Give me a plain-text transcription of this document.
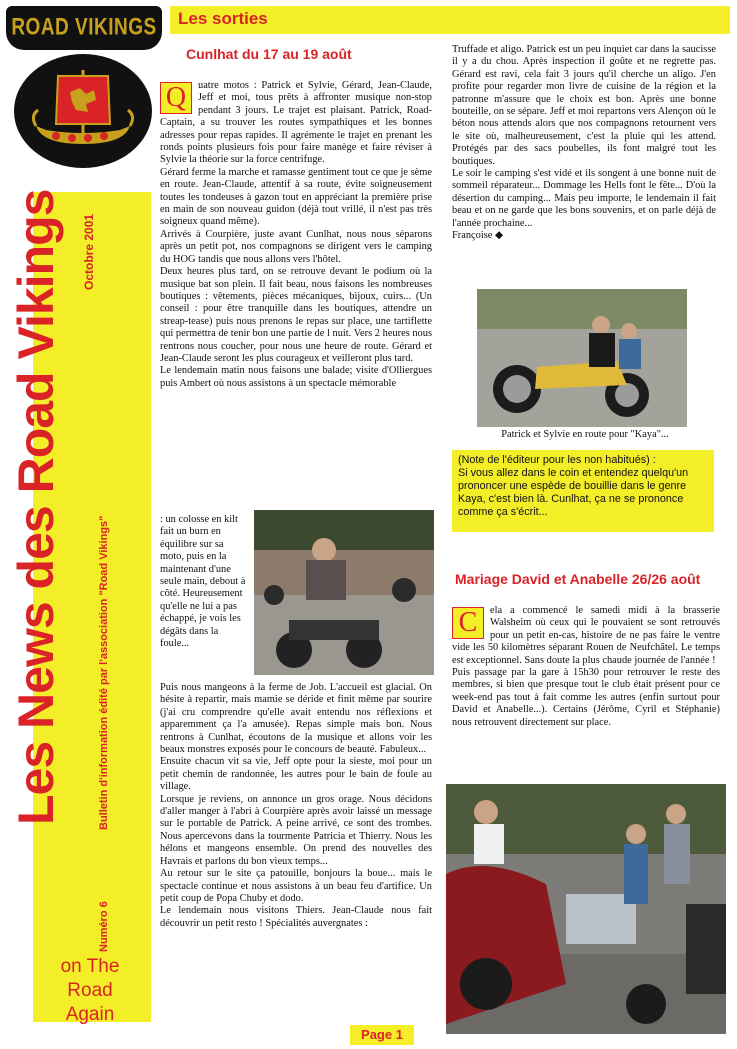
ROAD VIKINGS
Les News des Road Vikings Octobre 2001
Bulletin d'information édité par l'association "Road Vikings"
Numéro 6
on The Road
Again
Les sorties
Cunlhat du 17 au 19 août
Q	uatre motos : Patrick et Sylvie, Gérard, Jean-Claude, Jeff et moi, tous prêts à affronter musique non-stop pendant 3 jours. Le trajet est plaisant. Patrick, Road-Captain, a su trouver les routes sympathiques et les bonnes adresses pour repas rapides. Il agrémente le trajet en prenant les ronds points plusieurs fois pour faire manège et faire réviser à Sylvie la théorie sur la force centrifuge.

Gérard ferme la marche et ramasse gentiment tout ce que je sème en route. Jean-Claude, attentif à sa route, évite soigneusement toutes les tondeuses à gazon tout en appréciant la première prise en main de son nouveau guidon (déjà tout vrillé, il n'est pas très soigneux quand même).

Arrivés à Courpière, juste avant Cunlhat, nous nous séparons après un petit pot, nos compagnons se dirigent vers le camping du HOG tandis que nous allons vers l'hôtel.

Deux heures plus tard, on se retrouve devant le podium où la musique bat son plein. Il fait beau, nous faisons les nombreuses boutiques : vêtements, pièces mécaniques, bijoux, cuirs... (Un conseil : pour être tranquille dans les boutiques, attendre un streap-tease) puis nous prenons le repas sur place, une tartiflette qui permettra de tenir bon une partie de l nuit. Vers 2 heures nous rentrons nous coucher, pour nous une heure de route. Gérard et Jean-Claude seront les plus courageux et veilleront plus tard.

Le lendemain matin nous faisons une balade; visite d'Olliergues puis Ambert où nous assistons à un spectacle mémorable

: un colosse en kilt fait un burn en équilibre sur sa moto, puis en la maintenant d'une seule main, debout à côté. Heureusement qu'elle ne lui a pas échappé, je vois les dégâts dans la foule...

Puis nous mangeons à la ferme de Job. L'accueil est glacial. On hésite à repartir, mais mamie se déride et finit même par sourire (j'ai cru comprendre qu'elle avait entendu nos réflexions et apparemment ça l'a amusée). Repas simple mais bon. Nous rentrons à Cunlhat, écoutons de la musique et allons voir les beaux monstres exposés pour le concours de beauté. Fabuleux...

Ensuite chacun vit sa vie, Jeff opte pour la sieste, moi pour un petit chemin de randonnée, les autres pour le bain de foule au village.

Lorsque je reviens, on annonce un gros orage. Nous décidons d'aller manger à l'abri à Courpière après avoir laissé un message sur le portable de Patrick. A peine arrivé, ce sont des trombes. Nous apercevons dans la tourmente Patricia et Thierry. Nous les hélons et mangeons ensemble. On prend des nouvelles des Havrais et parlons du bon vieux temps...

Au retour sur le site ça patouille, bonjours la boue... mais le spectacle continue et nous assistons à un beau feu d'artifice. Un petit coup de Popa Chuby et dodo.

Le lendemain nous visitons Thiers. Jean-Claude nous fait découvrir un petit resto ! Spécialités auvergnates :

Truffade et aligo. Patrick est un peu inquiet car dans la saucisse il y a du chou. Après inspection il goûte et ne regrette pas. Gérard est ravi, cela fait 3 jours qu'il cherche un aligo. J'en profite pour regarder mon livre de cuisine de la région et la patronne m'assure que le choix est bon. Après une bonne bouteille, on se sépare. Jeff et moi repartons vers Alençon où le béton nous attends alors que nos compagnons retournent vers le site où, malheureusement, c'est la pluie qui les attend. Protégés par des sacs poubelles, ils font malgré tout les boutiques.

Le soir le camping s'est vidé et ils songent à une bonne nuit de sommeil réparateur... Dommage les Hells font le fête... D'où la désertion du camping... Mais peu importe, le lendemain il fait beau et on ne garde que les bons souvenirs, et on parle déjà de l'année prochaine...

Françoise ◆

Patrick et Sylvie en route pour "Kaya"...

(Note de l'éditeur pour les non habitués) :

Si vous allez dans le coin et entendez quelqu'un prononcer une espède de bouillie dans le genre Kaya, c'est bien là. Cunlhat, ça ne se prononce comme ça s'écrit...

Mariage David et Anabelle 26/26 août
C	ela a commencé le samedi midi à la brasserie Walsheim où ceux qui le pouvaient se sont retrouvés pour un petit en-cas, histoire de ne pas faire le ventre vide les 50 kilomètres séparant Rouen de Neufchâtel. Le temps est exceptionnel. Sans doute la plus chaude journée de l'année !

Puis passage par la gare à 15h30 pour retrouver le reste des membres, si bien que presque tout le club était présent pour ce week-end pas tout à fait comme les autres (enfin surtout pour David et Anabelle...). Certains (Jérôme, Cyril et Stéphanie) nous retrouvent directement sur place.

Page 1
